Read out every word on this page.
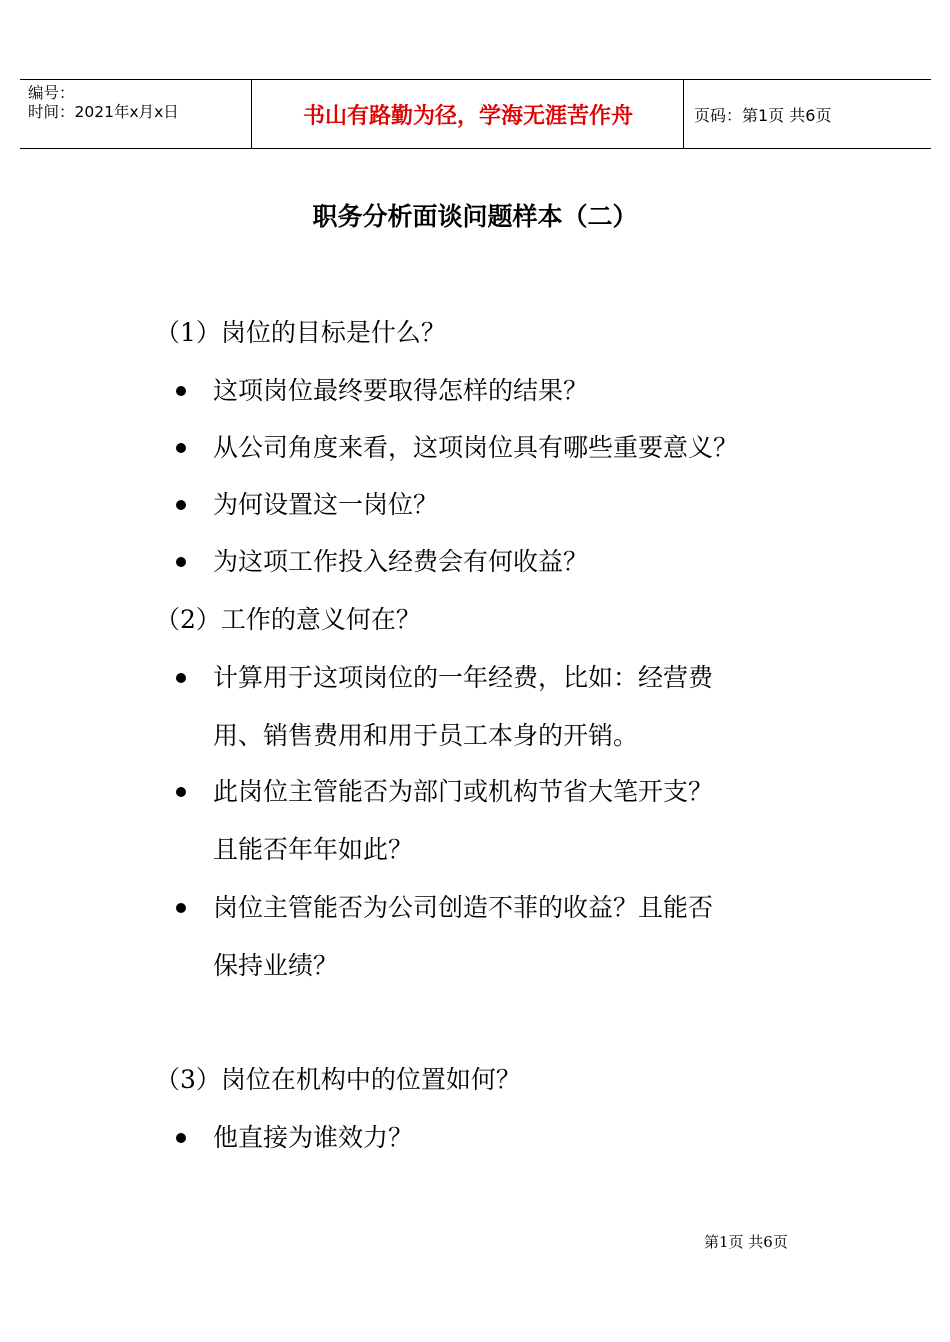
编号：
时间：2021年x月x日	书山有路勤为径，学海无涯苦作舟	页码：第1页 共6页
职务分析面谈问题样本（二）
（1）岗位的目标是什么？
这项岗位最终要取得怎样的结果？
从公司角度来看，这项岗位具有哪些重要意义？
为何设置这一岗位？
为这项工作投入经费会有何收益？
（2）工作的意义何在？
计算用于这项岗位的一年经费，比如：经营费
用、销售费用和用于员工本身的开销。
此岗位主管能否为部门或机构节省大笔开支？
且能否年年如此？
岗位主管能否为公司创造不菲的收益？且能否
保持业绩？
（3）岗位在机构中的位置如何？
他直接为谁效力？
第1页 共6页
